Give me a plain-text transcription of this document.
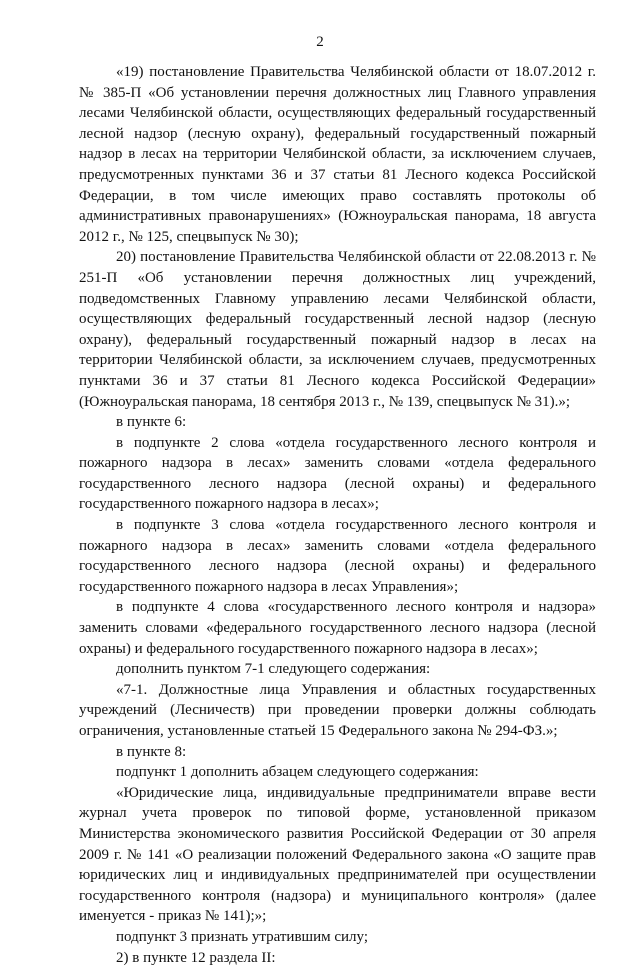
2

«19) постановление Правительства Челябинской области от 18.07.2012 г. № 385-П «Об установлении перечня должностных лиц Главного управления лесами Челябинской области, осуществляющих федеральный государственный лесной надзор (лесную охрану), федеральный государственный пожарный надзор в лесах на территории Челябинской области, за исключением случаев, предусмотренных пунктами 36 и 37 статьи 81 Лесного кодекса Российской Федерации, в том числе имеющих право составлять протоколы об административных правонарушениях» (Южноуральская панорама, 18 августа 2012 г., № 125, спецвыпуск № 30);

20) постановление Правительства Челябинской области от 22.08.2013 г. № 251-П «Об установлении перечня должностных лиц учреждений, подведомственных Главному управлению лесами Челябинской области, осуществляющих федеральный государственный лесной надзор (лесную охрану), федеральный государственный пожарный надзор в лесах на территории Челябинской области, за исключением случаев, предусмотренных пунктами 36 и 37 статьи 81 Лесного кодекса Российской Федерации» (Южноуральская панорама, 18 сентября 2013 г., № 139, спецвыпуск № 31).»;

в пункте 6:

в подпункте 2 слова «отдела государственного лесного контроля и пожарного надзора в лесах» заменить словами «отдела федерального государственного лесного надзора (лесной охраны) и федерального государственного пожарного надзора в лесах»;

в подпункте 3 слова «отдела государственного лесного контроля и пожарного надзора в лесах» заменить словами «отдела федерального государственного лесного надзора (лесной охраны) и федерального государственного пожарного надзора в лесах Управления»;

в подпункте 4 слова «государственного лесного контроля и надзора» заменить словами «федерального государственного лесного надзора (лесной охраны) и федерального государственного пожарного надзора в лесах»;

дополнить пунктом 7-1 следующего содержания:

«7-1. Должностные лица Управления и областных государственных учреждений (Лесничеств) при проведении проверки должны соблюдать ограничения, установленные статьей 15 Федерального закона № 294-ФЗ.»;

в пункте 8:

подпункт 1 дополнить абзацем следующего содержания:

«Юридические лица, индивидуальные предприниматели вправе вести журнал учета проверок по типовой форме, установленной приказом Министерства экономического развития Российской Федерации от 30 апреля 2009 г. № 141 «О реализации положений Федерального закона «О защите прав юридических лиц и индивидуальных предпринимателей при осуществлении государственного контроля (надзора) и муниципального контроля» (далее именуется - приказ № 141);»;

подпункт 3 признать утратившим силу;

2) в пункте 12 раздела II:
